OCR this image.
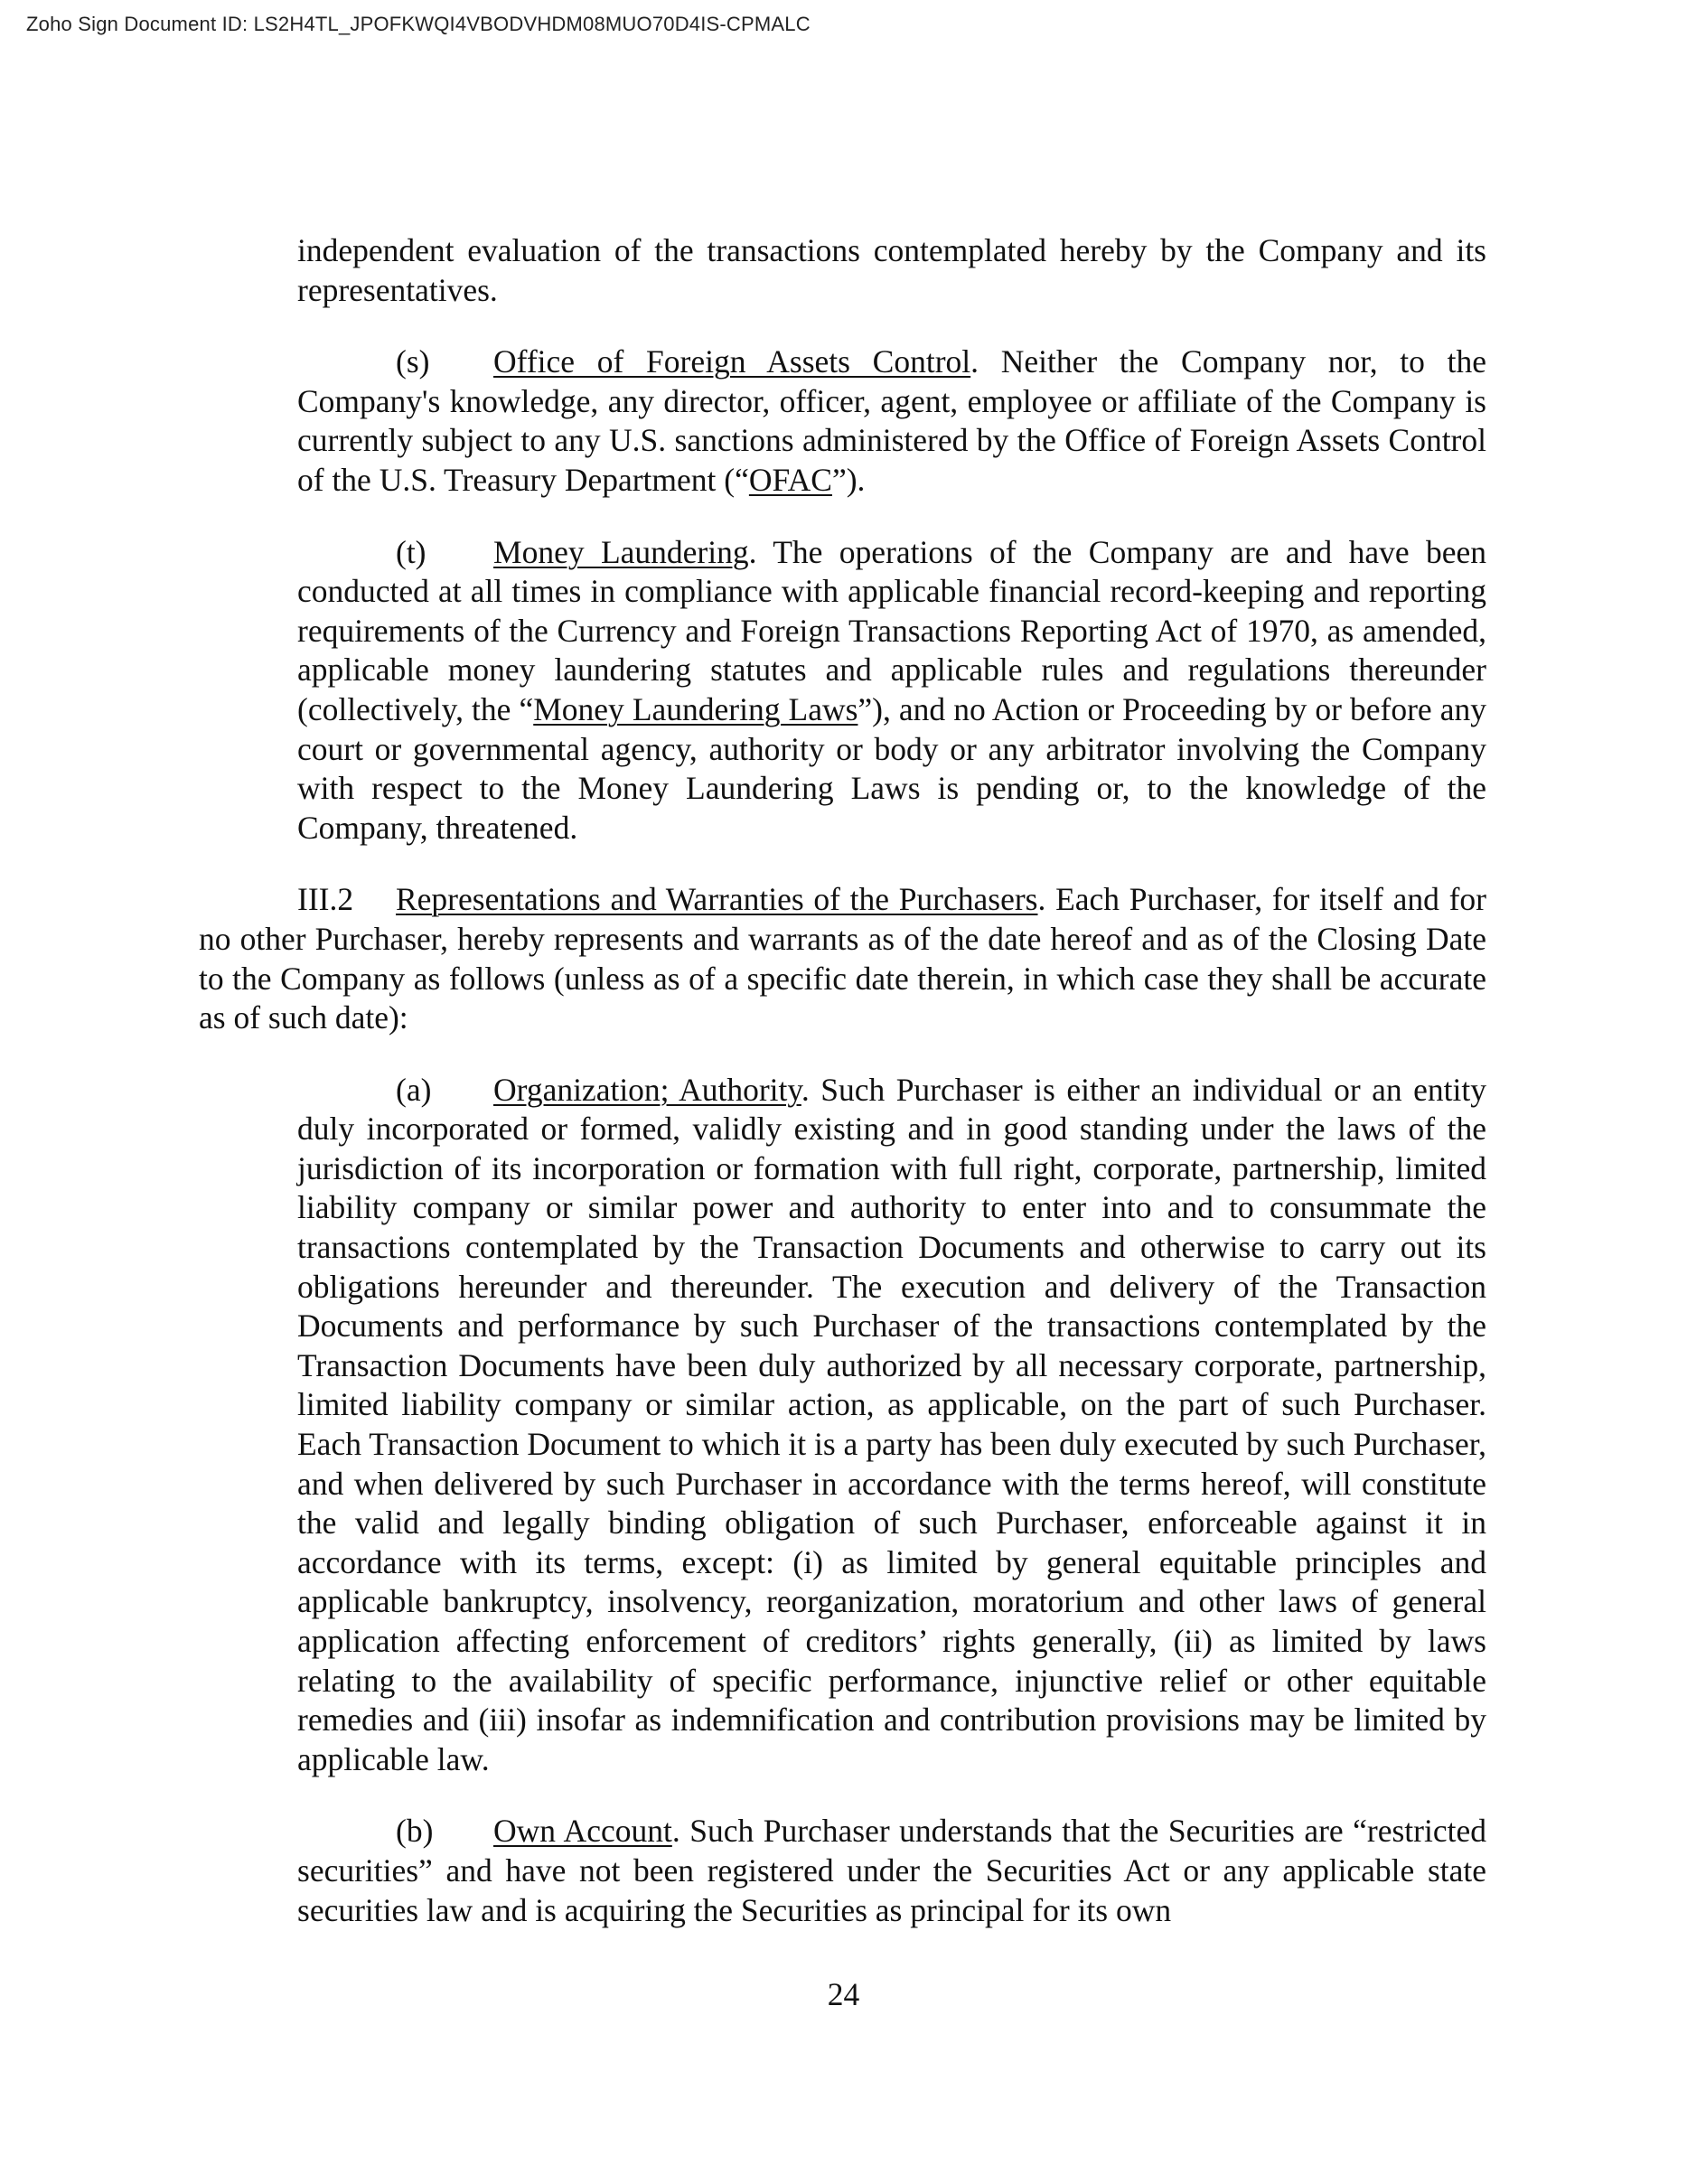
Zoho Sign Document ID: LS2H4TL_JPOFKWQI4VBODVHDM08MUO70D4IS-CPMALC

independent evaluation of the transactions contemplated hereby by the Company and its representatives.

(s) Office of Foreign Assets Control. Neither the Company nor, to the Company's knowledge, any director, officer, agent, employee or affiliate of the Company is currently subject to any U.S. sanctions administered by the Office of Foreign Assets Control of the U.S. Treasury Department (“OFAC”).

(t) Money Laundering. The operations of the Company are and have been conducted at all times in compliance with applicable financial record-keeping and reporting requirements of the Currency and Foreign Transactions Reporting Act of 1970, as amended, applicable money laundering statutes and applicable rules and regulations thereunder (collectively, the “Money Laundering Laws”), and no Action or Proceeding by or before any court or governmental agency, authority or body or any arbitrator involving the Company with respect to the Money Laundering Laws is pending or, to the knowledge of the Company, threatened.

III.2 Representations and Warranties of the Purchasers. Each Purchaser, for itself and for no other Purchaser, hereby represents and warrants as of the date hereof and as of the Closing Date to the Company as follows (unless as of a specific date therein, in which case they shall be accurate as of such date):

(a) Organization; Authority. Such Purchaser is either an individual or an entity duly incorporated or formed, validly existing and in good standing under the laws of the jurisdiction of its incorporation or formation with full right, corporate, partnership, limited liability company or similar power and authority to enter into and to consummate the transactions contemplated by the Transaction Documents and otherwise to carry out its obligations hereunder and thereunder. The execution and delivery of the Transaction Documents and performance by such Purchaser of the transactions contemplated by the Transaction Documents have been duly authorized by all necessary corporate, partnership, limited liability company or similar action, as applicable, on the part of such Purchaser. Each Transaction Document to which it is a party has been duly executed by such Purchaser, and when delivered by such Purchaser in accordance with the terms hereof, will constitute the valid and legally binding obligation of such Purchaser, enforceable against it in accordance with its terms, except: (i) as limited by general equitable principles and applicable bankruptcy, insolvency, reorganization, moratorium and other laws of general application affecting enforcement of creditors’ rights generally, (ii) as limited by laws relating to the availability of specific performance, injunctive relief or other equitable remedies and (iii) insofar as indemnification and contribution provisions may be limited by applicable law.

(b) Own Account. Such Purchaser understands that the Securities are “restricted securities” and have not been registered under the Securities Act or any applicable state securities law and is acquiring the Securities as principal for its own

24
